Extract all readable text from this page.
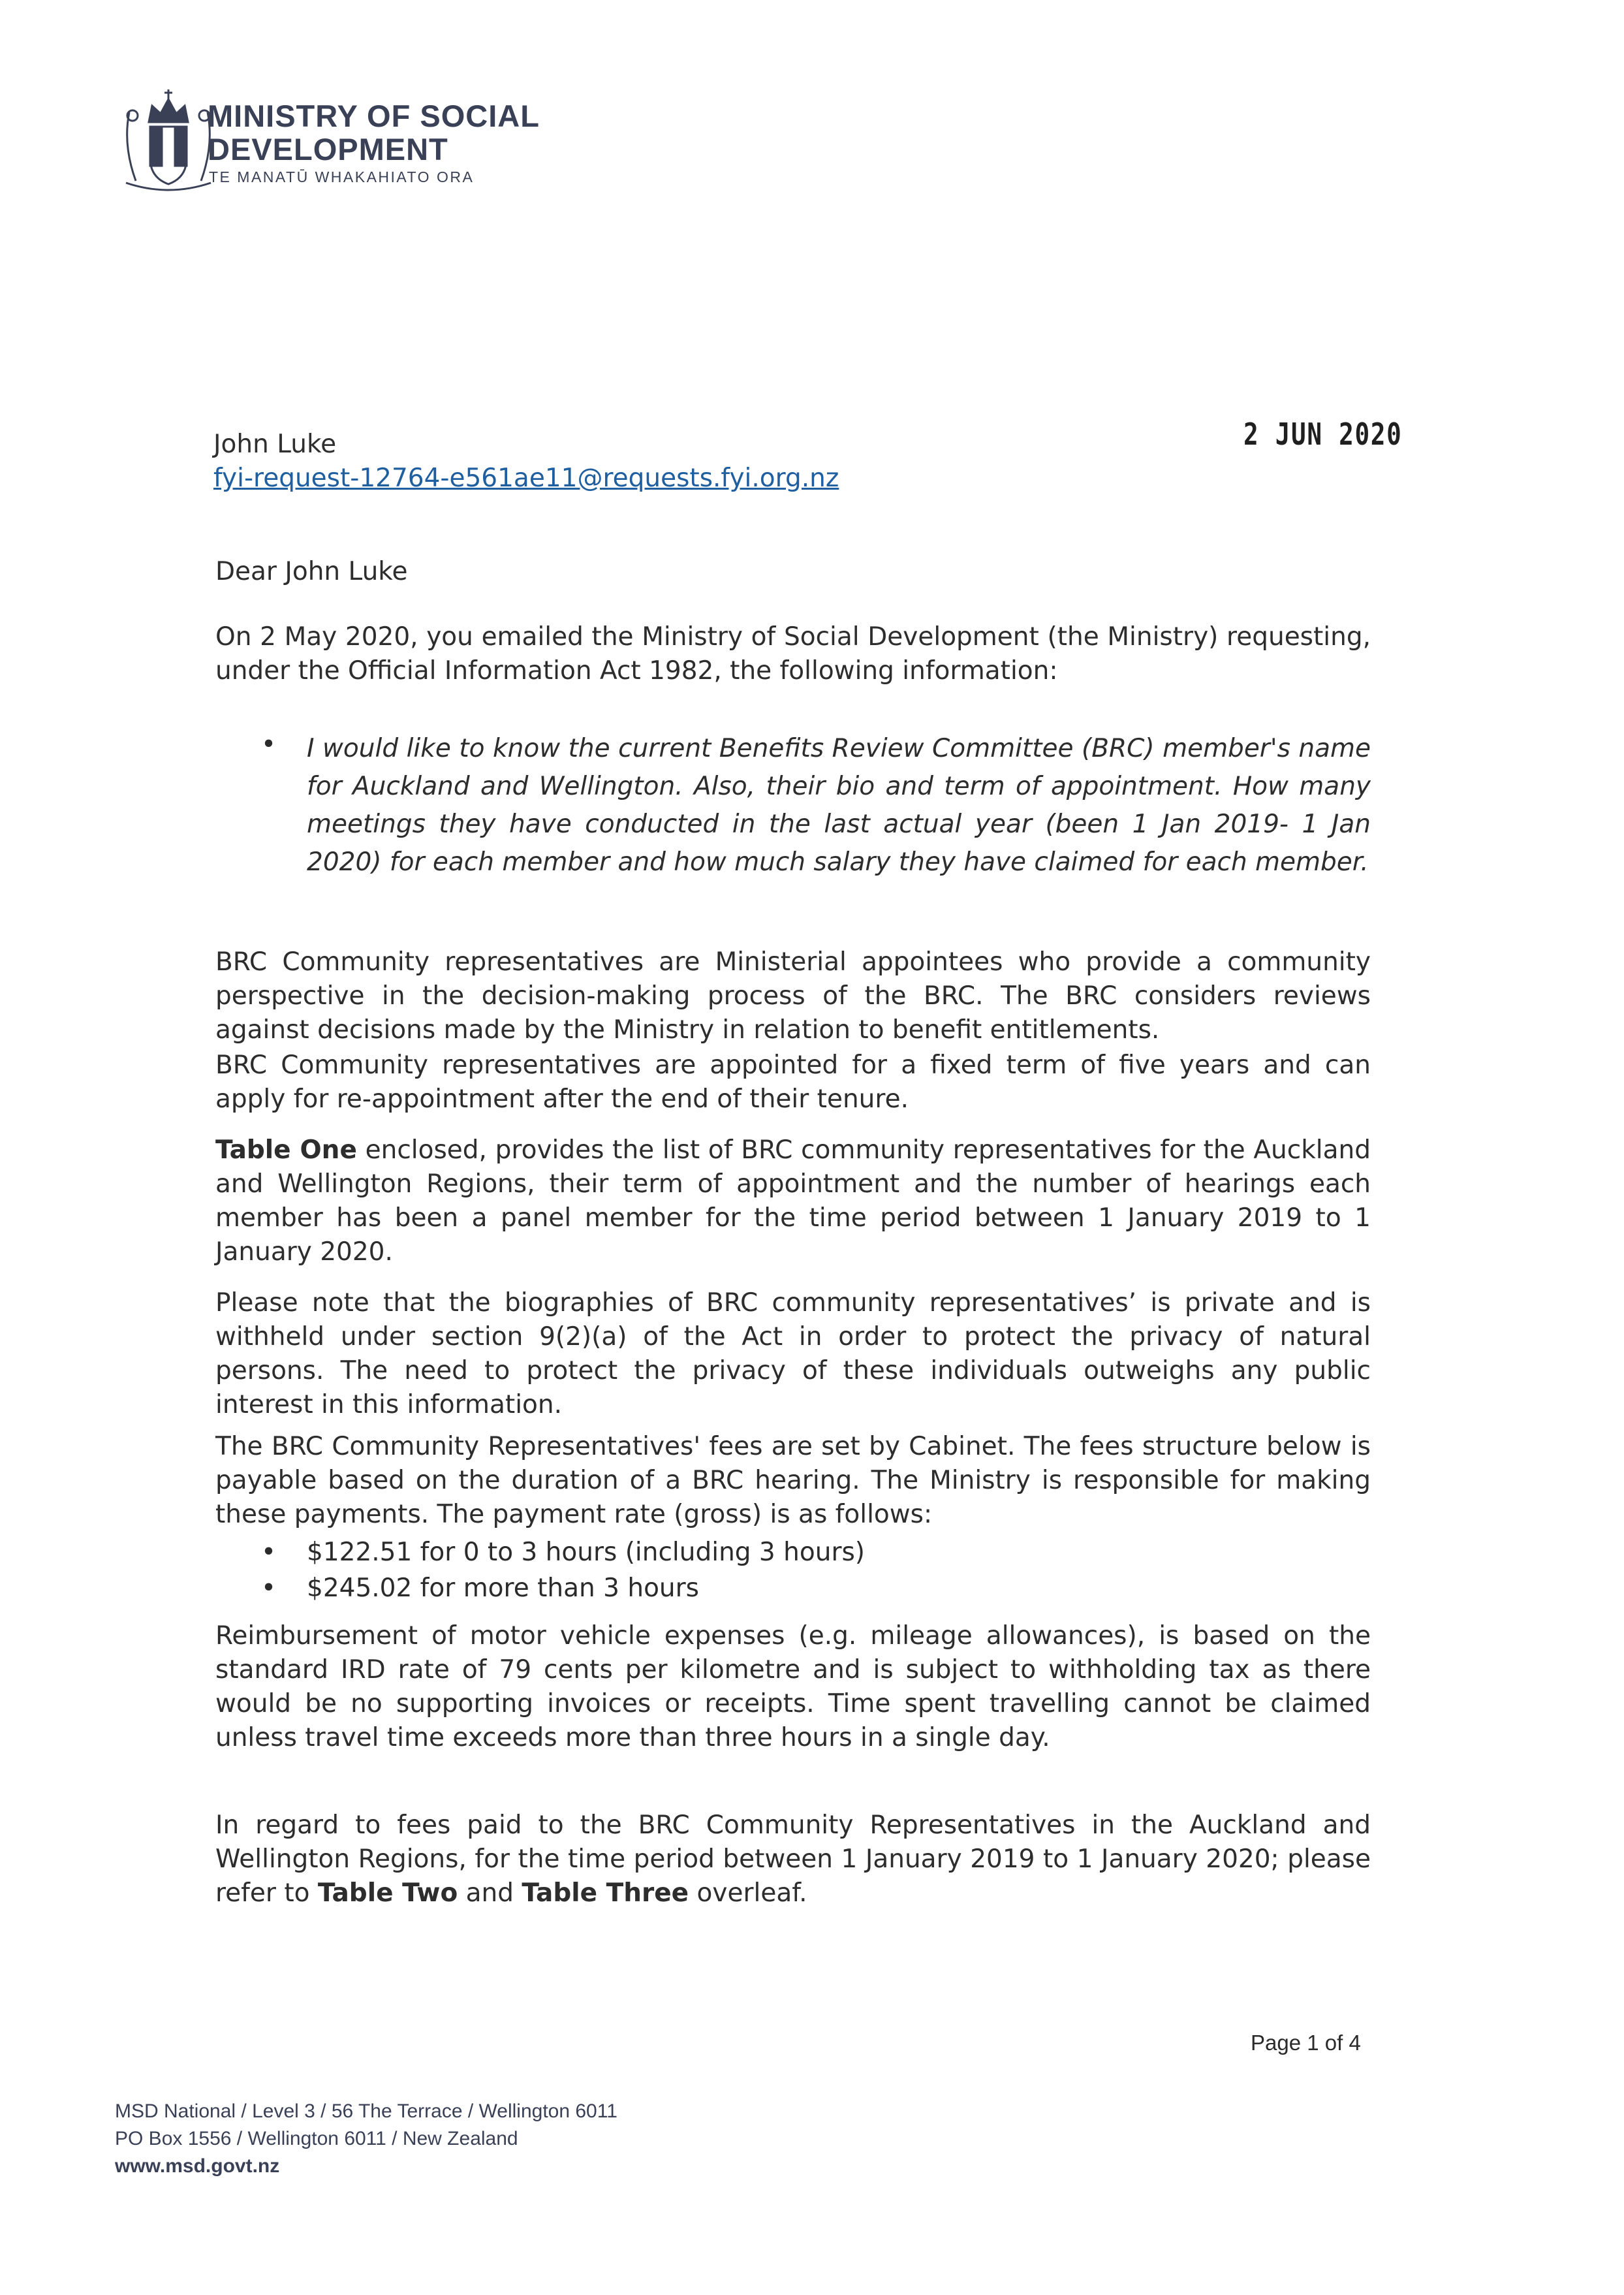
MINISTRY OF SOCIAL
DEVELOPMENT
TE MANATŪ WHAKAHIATO ORA
John Luke
fyi-request-12764-e561ae11@requests.fyi.org.nz
2 JUN 2020
Dear John Luke
On 2 May 2020, you emailed the Ministry of Social Development (the Ministry) requesting, under the Official Information Act 1982, the following information:
• I would like to know the current Benefits Review Committee (BRC) member's name for Auckland and Wellington. Also, their bio and term of appointment. How many meetings they have conducted in the last actual year (been 1 Jan 2019- 1 Jan 2020) for each member and how much salary they have claimed for each member.
BRC Community representatives are Ministerial appointees who provide a community perspective in the decision-making process of the BRC. The BRC considers reviews against decisions made by the Ministry in relation to benefit entitlements.
BRC Community representatives are appointed for a fixed term of five years and can apply for re-appointment after the end of their tenure.
Table One enclosed, provides the list of BRC community representatives for the Auckland and Wellington Regions, their term of appointment and the number of hearings each member has been a panel member for the time period between 1 January 2019 to 1 January 2020.
Please note that the biographies of BRC community representatives’ is private and is withheld under section 9(2)(a) of the Act in order to protect the privacy of natural persons. The need to protect the privacy of these individuals outweighs any public interest in this information.
The BRC Community Representatives' fees are set by Cabinet. The fees structure below is payable based on the duration of a BRC hearing. The Ministry is responsible for making these payments. The payment rate (gross) is as follows:
• $122.51 for 0 to 3 hours (including 3 hours)
• $245.02 for more than 3 hours
Reimbursement of motor vehicle expenses (e.g. mileage allowances), is based on the standard IRD rate of 79 cents per kilometre and is subject to withholding tax as there would be no supporting invoices or receipts. Time spent travelling cannot be claimed unless travel time exceeds more than three hours in a single day.
In regard to fees paid to the BRC Community Representatives in the Auckland and Wellington Regions, for the time period between 1 January 2019 to 1 January 2020; please refer to Table Two and Table Three overleaf.
Page 1 of 4
MSD National / Level 3 / 56 The Terrace / Wellington 6011
PO Box 1556 / Wellington 6011 / New Zealand
www.msd.govt.nz
